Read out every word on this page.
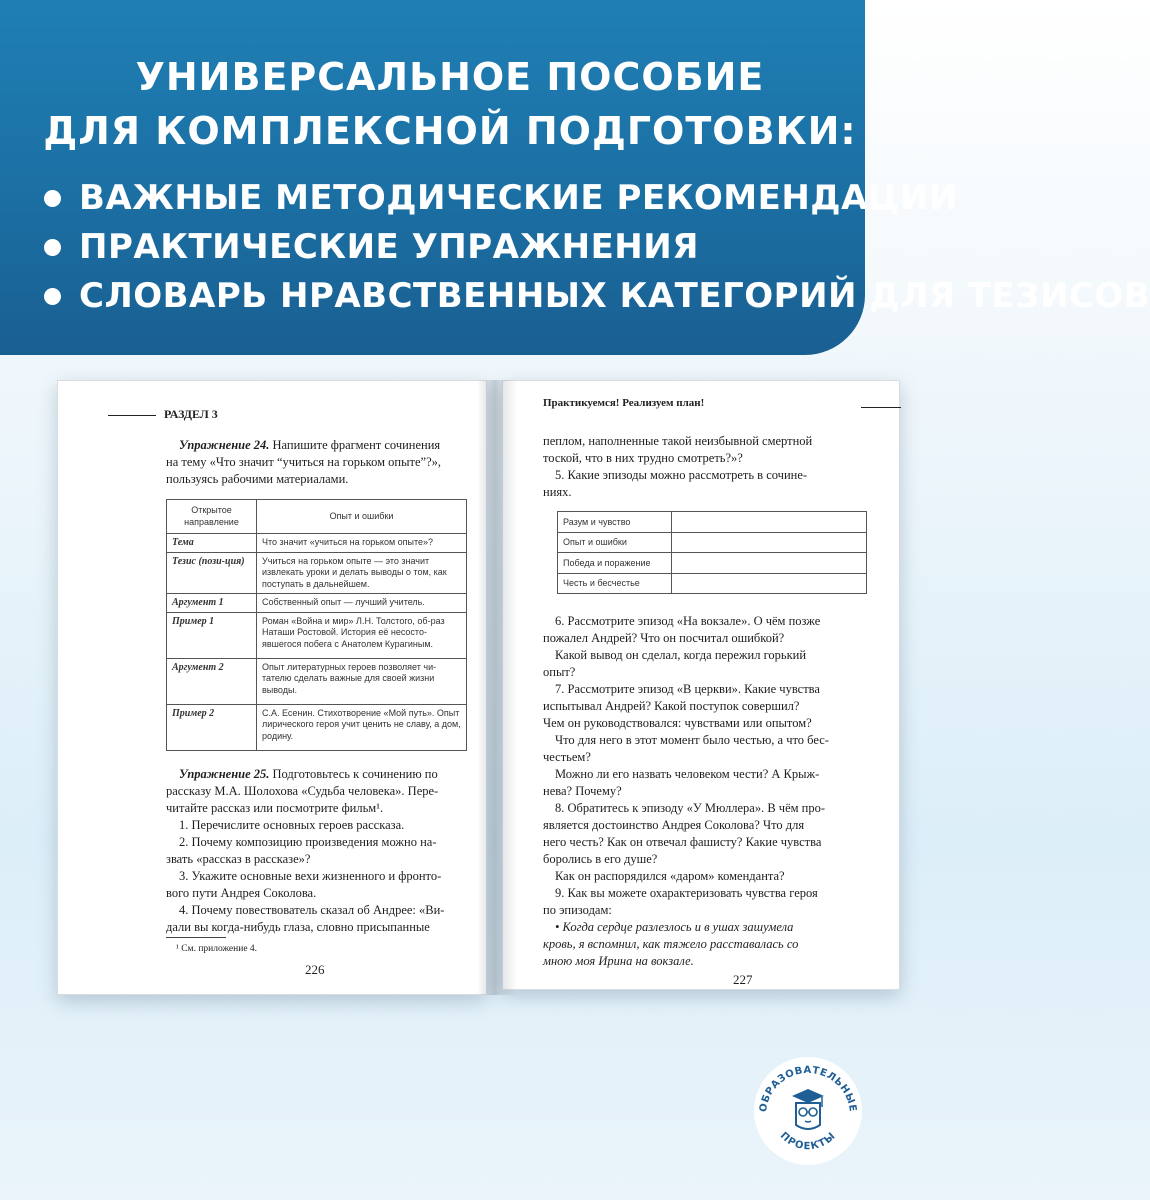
УНИВЕРСАЛЬНОЕ ПОСОБИЕ
ДЛЯ КОМПЛЕКСНОЙ ПОДГОТОВКИ:
ВАЖНЫЕ МЕТОДИЧЕСКИЕ РЕКОМЕНДАЦИИ
ПРАКТИЧЕСКИЕ УПРАЖНЕНИЯ
СЛОВАРЬ НРАВСТВЕННЫХ КАТЕГОРИЙ ДЛЯ ТЕЗИСОВ
РАЗДЕЛ 3
Упражнение 24. Напишите фрагмент сочинения
на тему «Что значит “учиться на горьком опыте”?»,
пользуясь рабочими материалами.
Открытое направление	Опыт и ошибки
Тема	Что значит «учиться на горьком опыте»?
Тезис (пози-ция)	Учиться на горьком опыте — это значит извлекать уроки и делать выводы о том, как поступать в дальнейшем.
Аргумент 1	Собственный опыт — лучший учитель.
Пример 1	Роман «Война и мир» Л.Н. Толстого, об-раз Наташи Ростовой. История её несосто-явшегося побега с Анатолем Курагиным.
Аргумент 2	Опыт литературных героев позволяет чи-тателю сделать важные для своей жизни выводы.
Пример 2	С.А. Есенин. Стихотворение «Мой путь». Опыт лирического героя учит ценить не славу, а дом, родину.
Упражнение 25. Подготовьтесь к сочинению по
рассказу М.А. Шолохова «Судьба человека». Пере-
читайте рассказ или посмотрите фильм¹.
1. Перечислите основных героев рассказа.
2. Почему композицию произведения можно на-
звать «рассказ в рассказе»?
3. Укажите основные вехи жизненного и фронто-
вого пути Андрея Соколова.
4. Почему повествователь сказал об Андрее: «Ви-
дали вы когда-нибудь глаза, словно присыпанные
¹ См. приложение 4.
226
Практикуемся! Реализуем план!
пеплом, наполненные такой неизбывной смертной
тоской, что в них трудно смотреть?»?
5. Какие эпизоды можно рассмотреть в сочине-
ниях.
Разум и чувство	
Опыт и ошибки	
Победа и поражение	
Честь и бесчестье	
6. Рассмотрите эпизод «На вокзале». О чём позже
пожалел Андрей? Что он посчитал ошибкой?
Какой вывод он сделал, когда пережил горький
опыт?
7. Рассмотрите эпизод «В церкви». Какие чувства
испытывал Андрей? Какой поступок совершил?
Чем он руководствовался: чувствами или опытом?
Что для него в этот момент было честью, а что бес-
честьем?
Можно ли его назвать человеком чести? А Крыж-
нева? Почему?
8. Обратитесь к эпизоду «У Мюллера». В чём про-
является достоинство Андрея Соколова? Что для
него честь? Как он отвечал фашисту? Какие чувства
боролись в его душе?
Как он распорядился «даром» коменданта?
9. Как вы можете охарактеризовать чувства героя
по эпизодам:
• Когда сердце разлезлось и в ушах зашумела
кровь, я вспомнил, как тяжело расставалась со
мною моя Ирина на вокзале.
227
ОБРАЗОВАТЕЛЬНЫЕ
ПРОЕКТЫ
